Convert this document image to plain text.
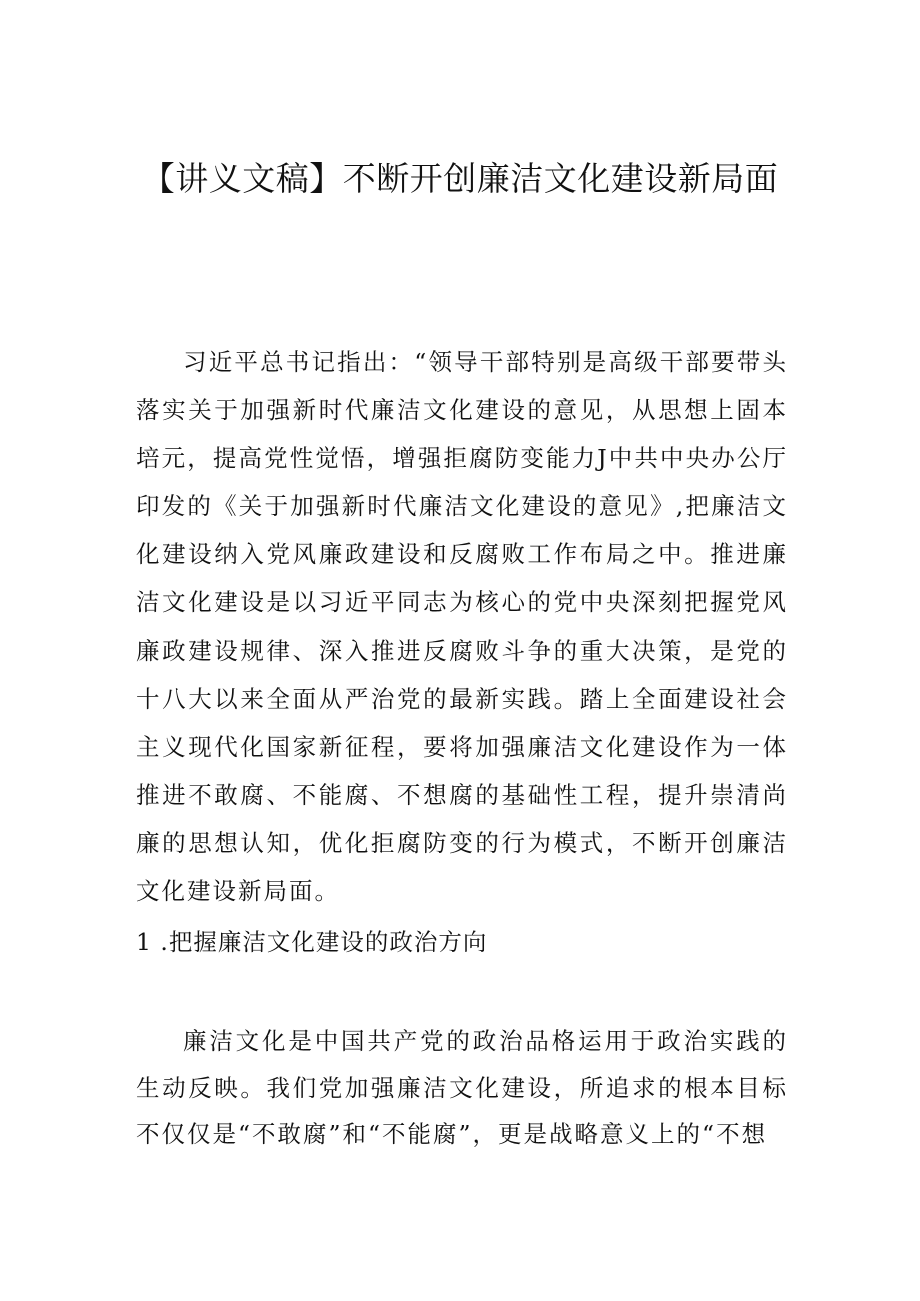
【讲义文稿】不断开创廉洁文化建设新局面
习近平总书记指出：“领导干部特别是高级干部要带头落实关于加强新时代廉洁文化建设的意见，从思想上固本培元，提高党性觉悟，增强拒腐防变能力J中共中央办公厅印发的《关于加强新时代廉洁文化建设的意见》,把廉洁文化建设纳入党风廉政建设和反腐败工作布局之中。推进廉洁文化建设是以习近平同志为核心的党中央深刻把握党风廉政建设规律、深入推进反腐败斗争的重大决策，是党的十八大以来全面从严治党的最新实践。踏上全面建设社会主义现代化国家新征程，要将加强廉洁文化建设作为一体推进不敢腐、不能腐、不想腐的基础性工程，提升崇清尚廉的思想认知，优化拒腐防变的行为模式，不断开创廉洁文化建设新局面。
1 .把握廉洁文化建设的政治方向
廉洁文化是中国共产党的政治品格运用于政治实践的生动反映。我们党加强廉洁文化建设，所追求的根本目标不仅仅是“不敢腐”和“不能腐”，更是战略意义上的“不想
